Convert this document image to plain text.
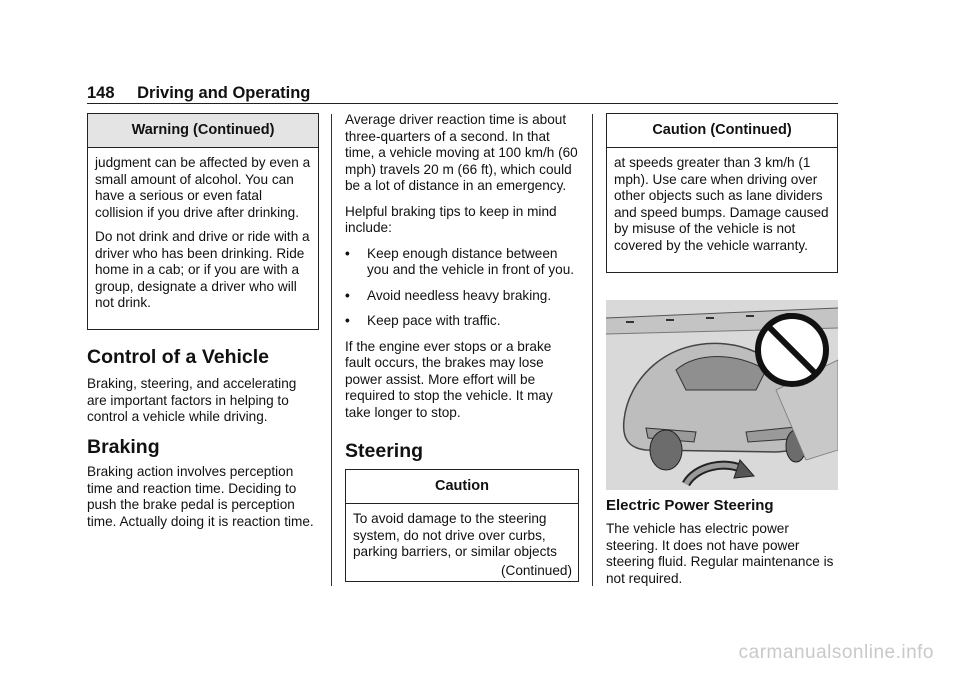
148 Driving and Operating
Warning (Continued)

judgment can be affected by even a small amount of alcohol. You can have a serious or even fatal collision if you drive after drinking.

Do not drink and drive or ride with a driver who has been drinking. Ride home in a cab; or if you are with a group, designate a driver who will not drink.

Control of a Vehicle

Braking, steering, and accelerating are important factors in helping to control a vehicle while driving.

Braking

Braking action involves perception time and reaction time. Deciding to push the brake pedal is perception time. Actually doing it is reaction time.

Average driver reaction time is about three-quarters of a second. In that time, a vehicle moving at 100 km/h (60 mph) travels 20 m (66 ft), which could be a lot of distance in an emergency.

Helpful braking tips to keep in mind include:

•	Keep enough distance between you and the vehicle in front of you.
•	Avoid needless heavy braking.
•	Keep pace with traffic.

If the engine ever stops or a brake fault occurs, the brakes may lose power assist. More effort will be required to stop the vehicle. It may take longer to stop.

Steering
Caution

To avoid damage to the steering system, do not drive over curbs, parking barriers, or similar objects

(Continued)
Caution (Continued)

at speeds greater than 3 km/h (1 mph). Use care when driving over other objects such as lane dividers and speed bumps. Damage caused by misuse of the vehicle is not covered by the vehicle warranty.

Electric Power Steering

The vehicle has electric power steering. It does not have power steering fluid. Regular maintenance is not required.

carmanualsonline.info
